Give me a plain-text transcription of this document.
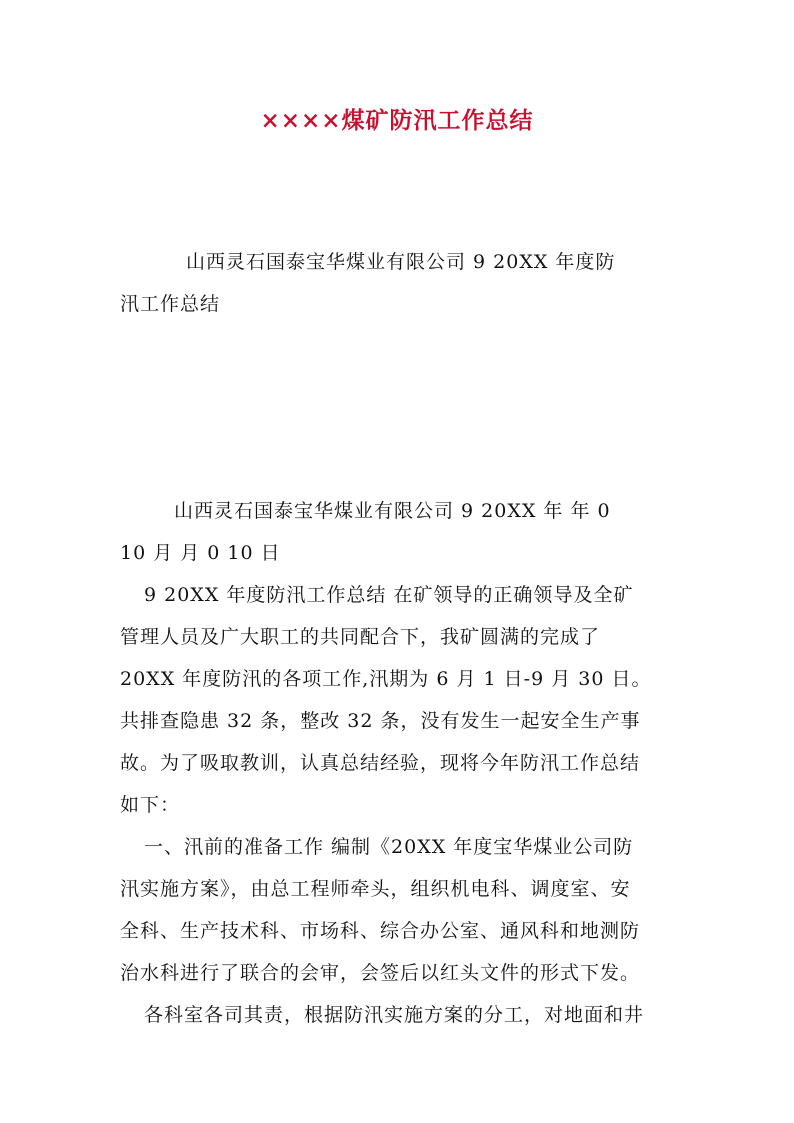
××××煤矿防汛工作总结
山西灵石国泰宝华煤业有限公司 9 20XX 年度防
汛工作总结
山西灵石国泰宝华煤业有限公司 9 20XX 年 年 0
10 月 月 0 10 日
9 20XX 年度防汛工作总结 在矿领导的正确领导及全矿
管理人员及广大职工的共同配合下，我矿圆满的完成了
20XX 年度防汛的各项工作,汛期为 6 月 1 日-9 月 30 日。
共排查隐患 32 条，整改 32 条，没有发生一起安全生产事
故。为了吸取教训，认真总结经验，现将今年防汛工作总结
如下：
一、汛前的准备工作 编制《20XX 年度宝华煤业公司防
汛实施方案》，由总工程师牵头，组织机电科、调度室、安
全科、生产技术科、市场科、综合办公室、通风科和地测防
治水科进行了联合的会审，会签后以红头文件的形式下发。
各科室各司其责，根据防汛实施方案的分工，对地面和井
